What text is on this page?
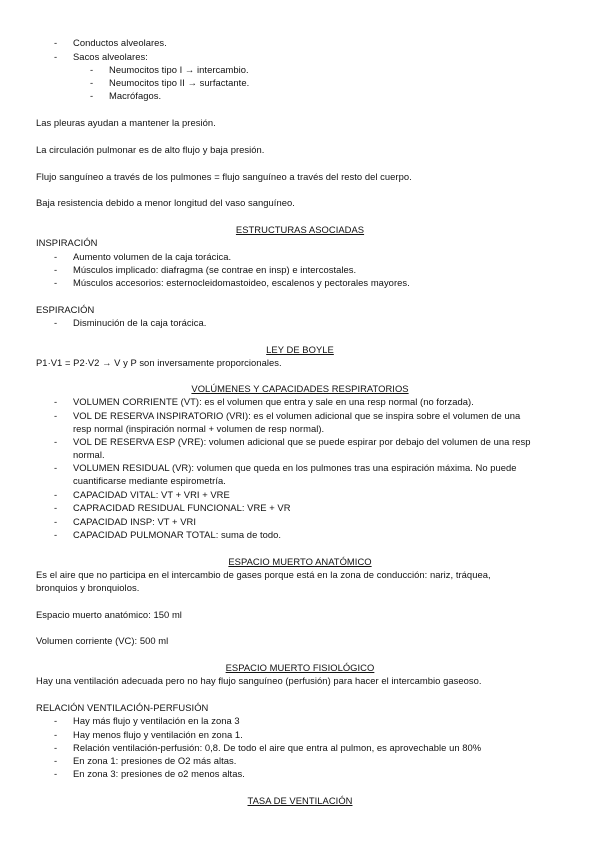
- Conductos alveolares.
- Sacos alveolares:
- Neumocitos tipo I → intercambio.
- Neumocitos tipo II → surfactante.
- Macrófagos.
Las pleuras ayudan a mantener la presión.
La circulación pulmonar es de alto flujo y baja presión.
Flujo sanguíneo a través de los pulmones = flujo sanguíneo a través del resto del cuerpo.
Baja resistencia debido a menor longitud del vaso sanguíneo.
ESTRUCTURAS ASOCIADAS
INSPIRACIÓN
- Aumento volumen de la caja torácica.
- Músculos implicado: diafragma (se contrae en insp) e intercostales.
- Músculos accesorios: esternocleidomastoideo, escalenos y pectorales mayores.
ESPIRACIÓN
- Disminución de la caja torácica.
LEY DE BOYLE
P1·V1 = P2·V2 → V y P son inversamente proporcionales.
VOLÚMENES Y CAPACIDADES RESPIRATORIOS
- VOLUMEN CORRIENTE (VT): es el volumen que entra y sale en una resp normal (no forzada).
- VOL DE RESERVA INSPIRATORIO (VRI): es el volumen adicional que se inspira sobre el volumen de una
resp normal (inspiración normal + volumen de resp normal).
- VOL DE RESERVA ESP (VRE): volumen adicional que se puede espirar por debajo del volumen de una resp
normal.
- VOLUMEN RESIDUAL (VR): volumen que queda en los pulmones tras una espiración máxima. No puede
cuantificarse mediante espirometría.
- CAPACIDAD VITAL: VT + VRI + VRE
- CAPRACIDAD RESIDUAL FUNCIONAL: VRE + VR
- CAPACIDAD INSP: VT + VRI
- CAPACIDAD PULMONAR TOTAL: suma de todo.
ESPACIO MUERTO ANATÓMICO
Es el aire que no participa en el intercambio de gases porque está en la zona de conducción: nariz, tráquea,
bronquios y bronquiolos.
Espacio muerto anatómico: 150 ml
Volumen corriente (VC): 500 ml
ESPACIO MUERTO FISIOLÓGICO
Hay una ventilación adecuada pero no hay flujo sanguíneo (perfusión) para hacer el intercambio gaseoso.
RELACIÓN VENTILACIÓN-PERFUSIÓN
- Hay más flujo y ventilación en la zona 3
- Hay menos flujo y ventilación en zona 1.
- Relación ventilación-perfusión: 0,8. De todo el aire que entra al pulmon, es aprovechable un 80%
- En zona 1: presiones de O2 más altas.
- En zona 3: presiones de o2 menos altas.
TASA DE VENTILACIÓN
